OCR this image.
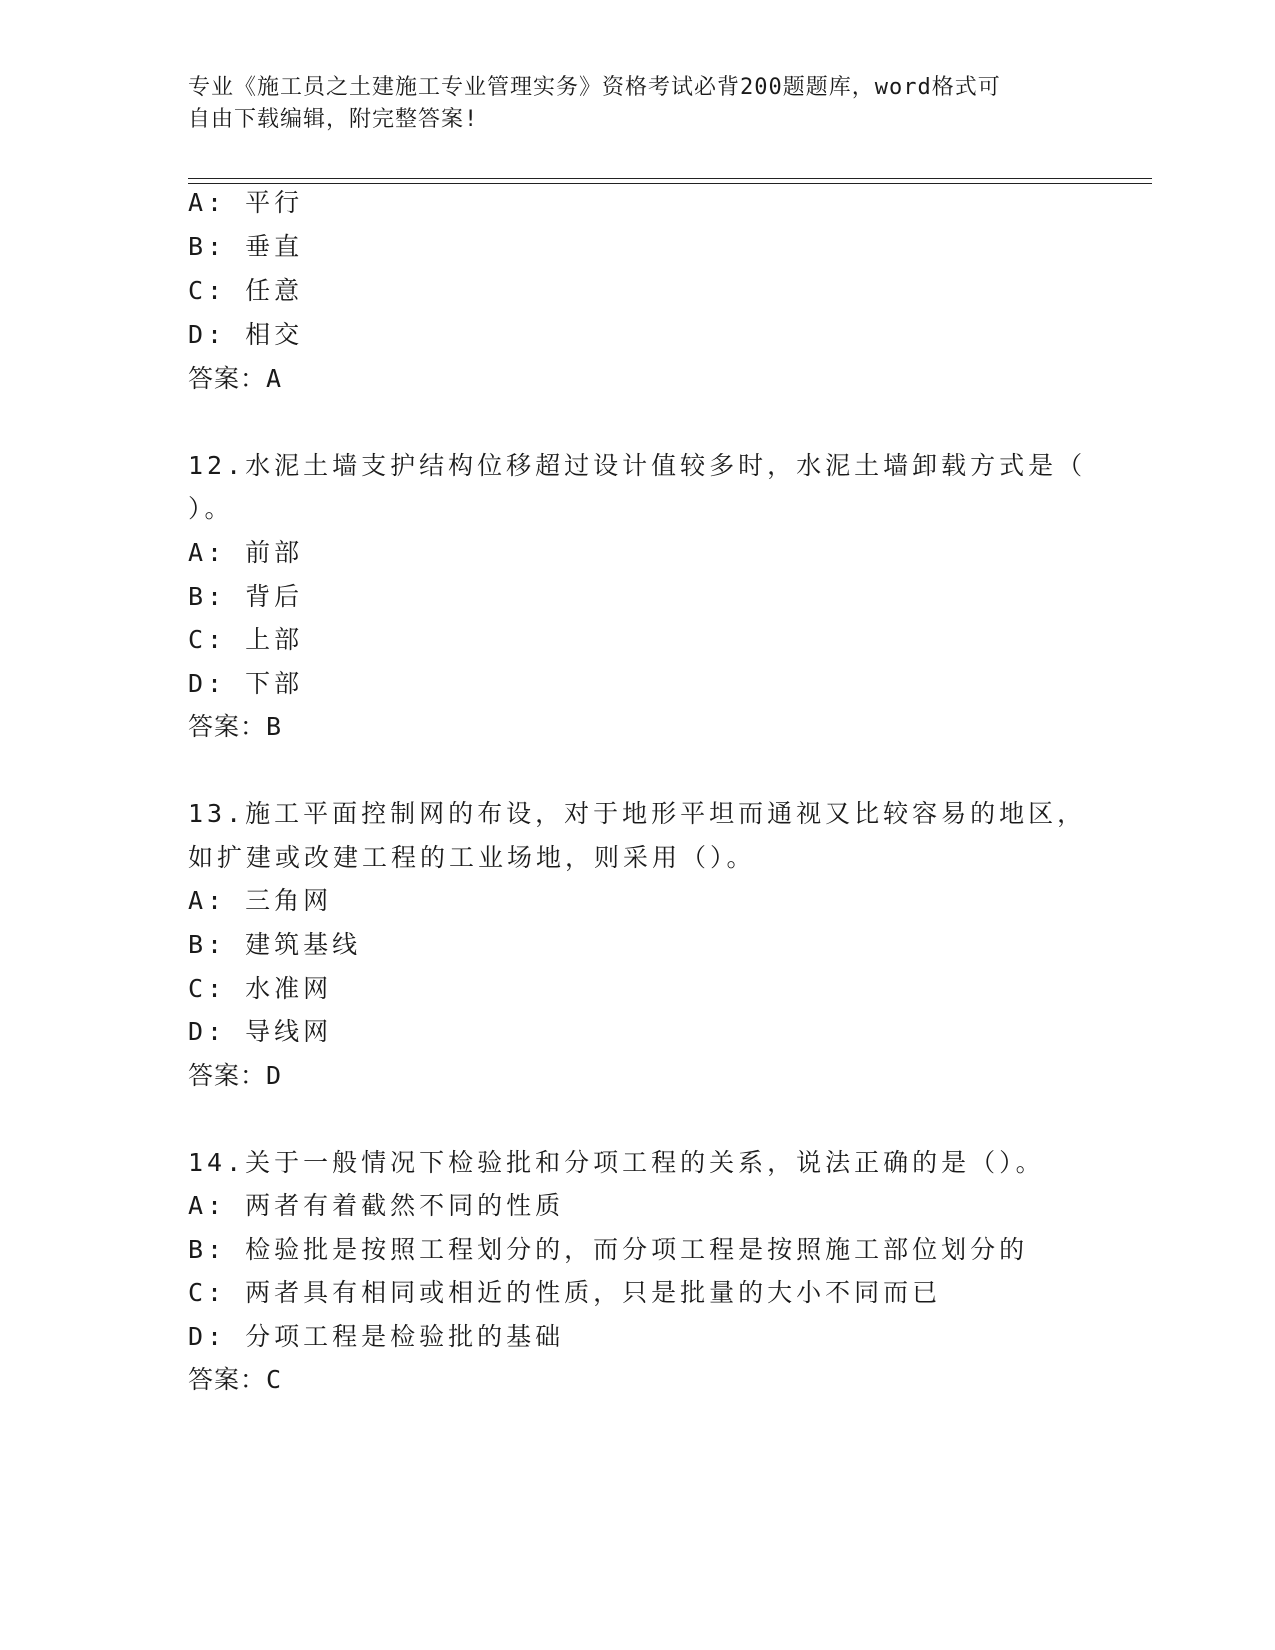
专业《施工员之土建施工专业管理实务》资格考试必背200题题库，word格式可
自由下载编辑，附完整答案!
A: 平行
B: 垂直
C: 任意
D: 相交
答案：A
12.水泥土墙支护结构位移超过设计值较多时，水泥土墙卸载方式是（
）。
A: 前部
B: 背后
C: 上部
D: 下部
答案：B
13.施工平面控制网的布设，对于地形平坦而通视又比较容易的地区，
如扩建或改建工程的工业场地，则采用（）。
A: 三角网
B: 建筑基线
C: 水准网
D: 导线网
答案：D
14.关于一般情况下检验批和分项工程的关系，说法正确的是（）。
A: 两者有着截然不同的性质
B: 检验批是按照工程划分的，而分项工程是按照施工部位划分的
C: 两者具有相同或相近的性质，只是批量的大小不同而已
D: 分项工程是检验批的基础
答案：C
